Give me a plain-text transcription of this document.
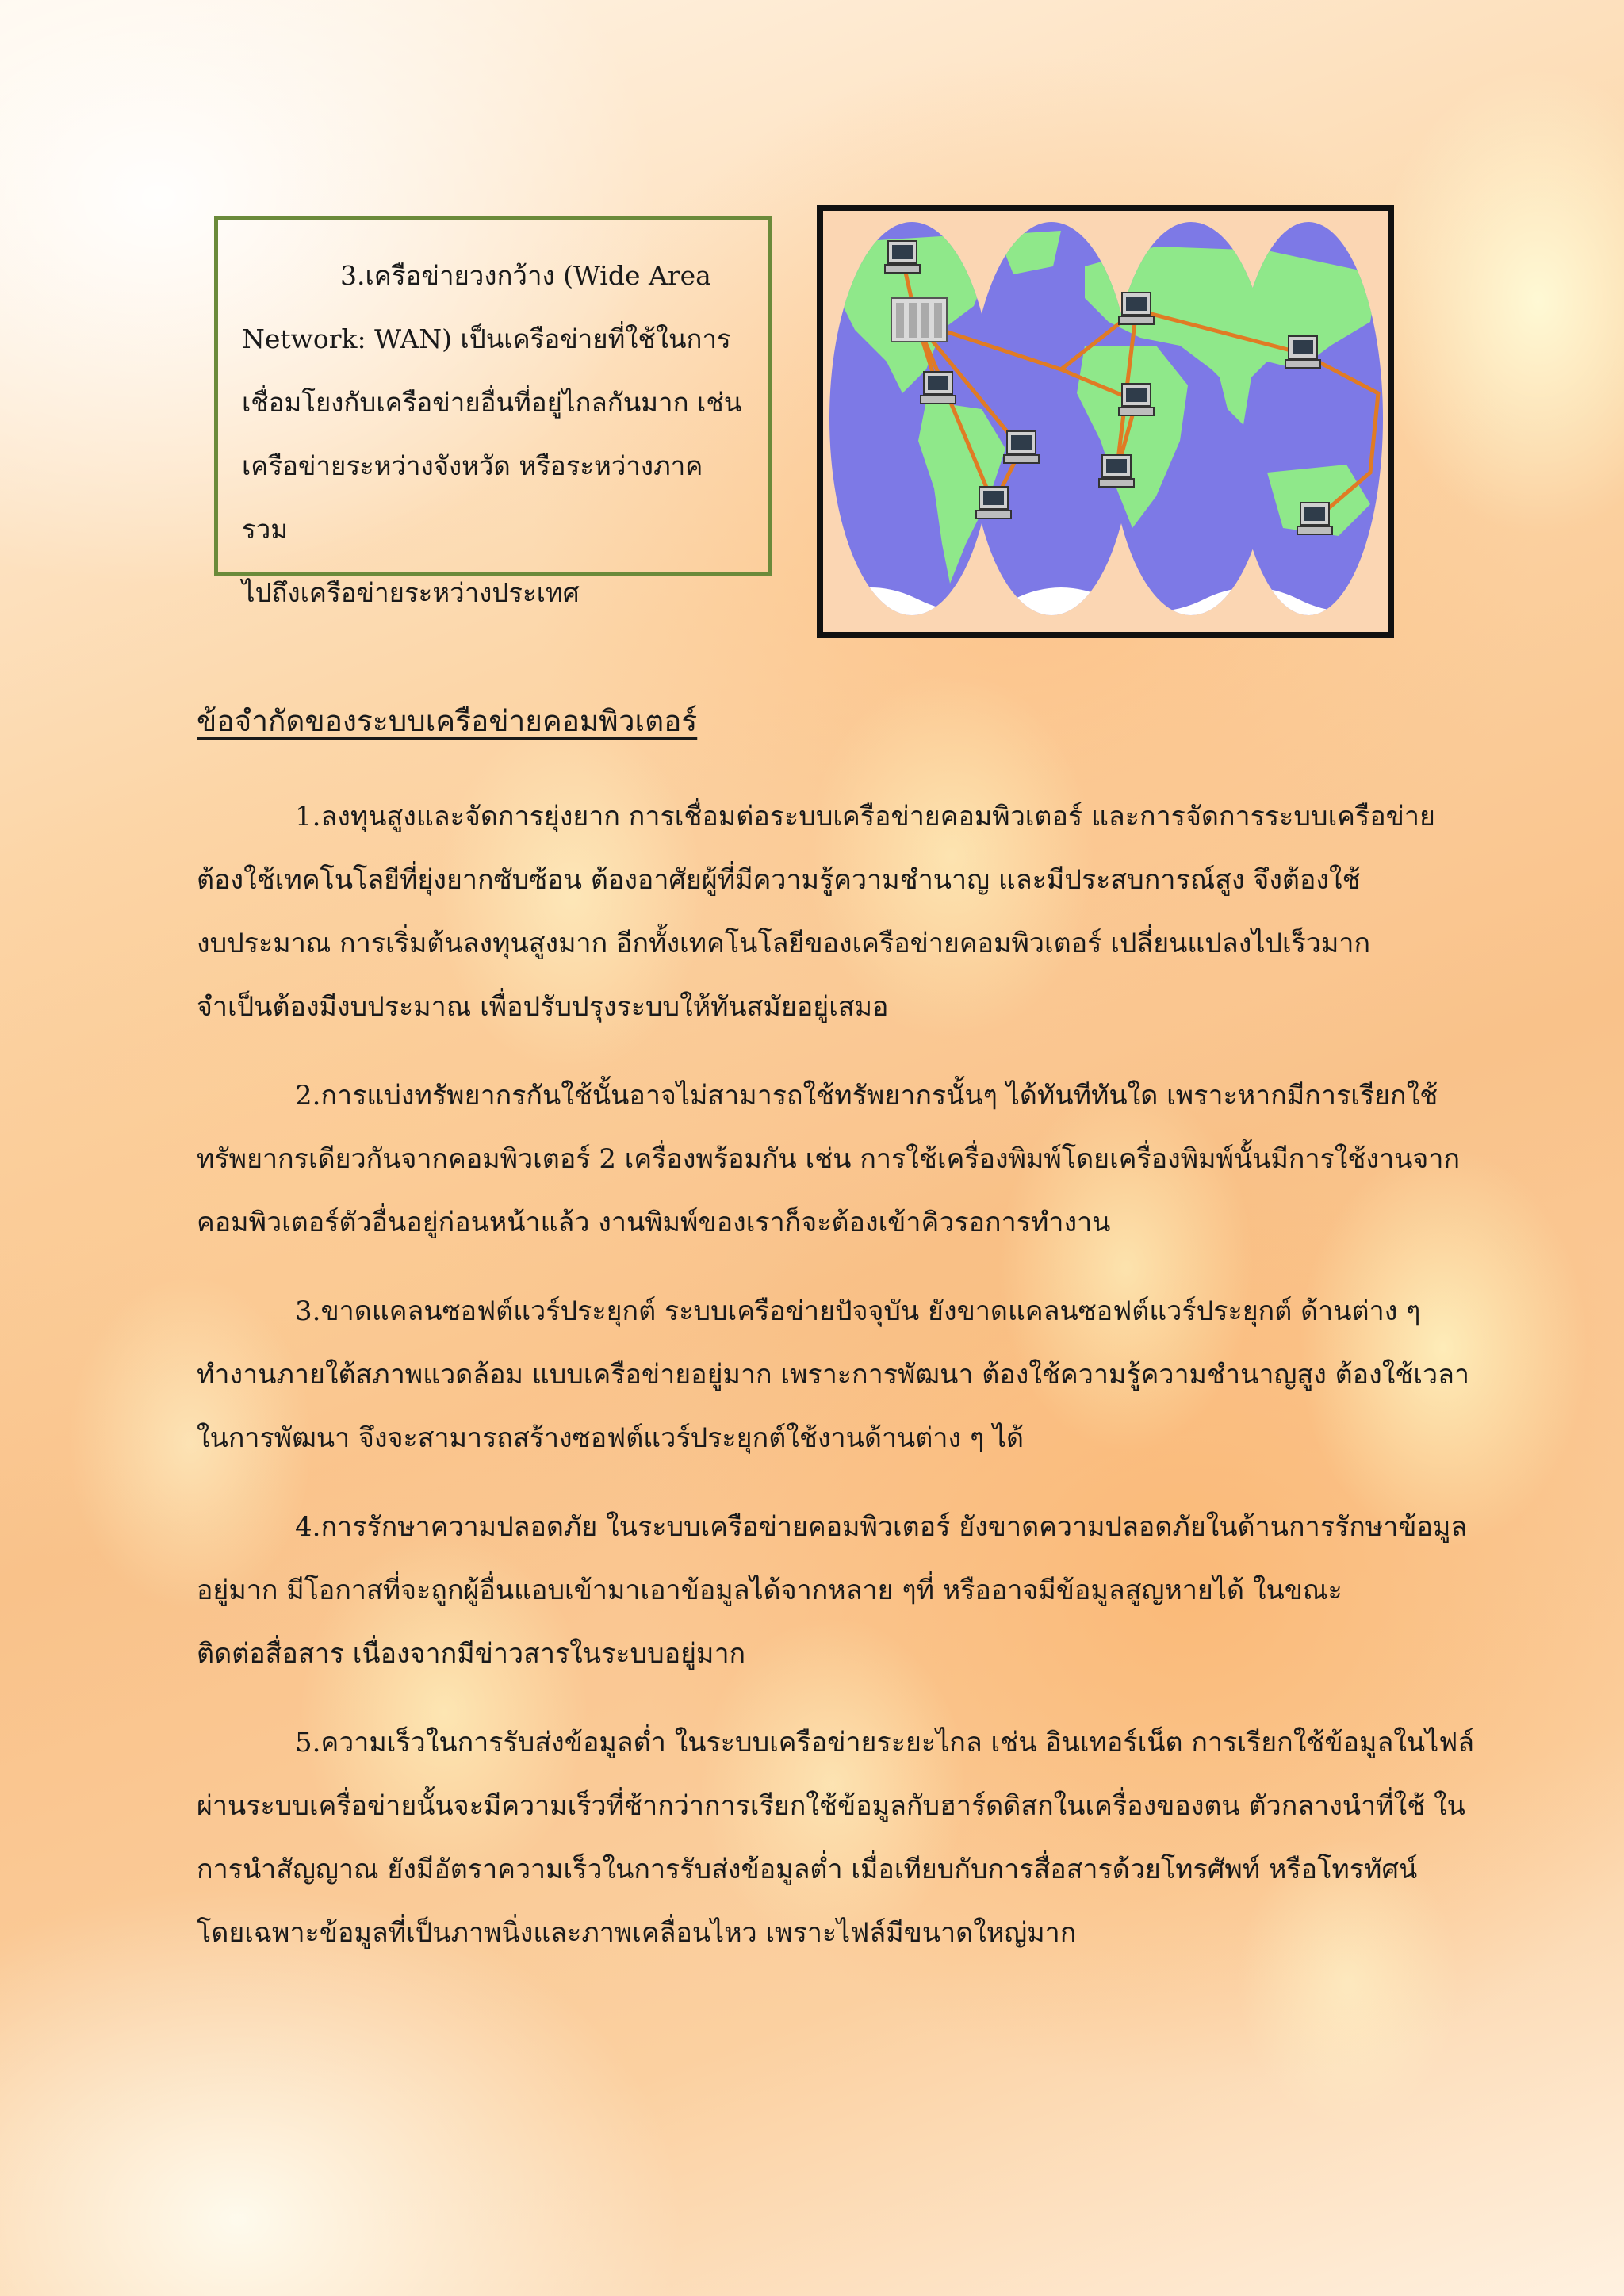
3.เครือข่ายวงกว้าง (Wide Area

Network: WAN) เป็นเครือข่ายที่ใช้ในการ

เชื่อมโยงกับเครือข่ายอื่นที่อยู่ไกลกันมาก เช่น

เครือข่ายระหว่างจังหวัด หรือระหว่างภาครวม

ไปถึงเครือข่ายระหว่างประเทศ

ข้อจำกัดของระบบเครือข่ายคอมพิวเตอร์

1.ลงทุนสูงและจัดการยุ่งยาก การเชื่อมต่อระบบเครือข่ายคอมพิวเตอร์ และการจัดการระบบเครือข่าย
ต้องใช้เทคโนโลยีที่ยุ่งยากซับซ้อน ต้องอาศัยผู้ที่มีความรู้ความชำนาญ และมีประสบการณ์สูง จึงต้องใช้
งบประมาณ การเริ่มต้นลงทุนสูงมาก อีกทั้งเทคโนโลยีของเครือข่ายคอมพิวเตอร์ เปลี่ยนแปลงไปเร็วมาก
จำเป็นต้องมีงบประมาณ เพื่อปรับปรุงระบบให้ทันสมัยอยู่เสมอ

2.การแบ่งทรัพยากรกันใช้นั้นอาจไม่สามารถใช้ทรัพยากรนั้นๆ ได้ทันทีทันใด เพราะหากมีการเรียกใช้
ทรัพยากรเดียวกันจากคอมพิวเตอร์ 2 เครื่องพร้อมกัน เช่น การใช้เครื่องพิมพ์โดยเครื่องพิมพ์นั้นมีการใช้งานจาก
คอมพิวเตอร์ตัวอื่นอยู่ก่อนหน้าแล้ว งานพิมพ์ของเราก็จะต้องเข้าคิวรอการทำงาน

3.ขาดแคลนซอฟต์แวร์ประยุกต์ ระบบเครือข่ายปัจจุบัน ยังขาดแคลนซอฟต์แวร์ประยุกต์ ด้านต่าง ๆ
ทำงานภายใต้สภาพแวดล้อม แบบเครือข่ายอยู่มาก เพราะการพัฒนา ต้องใช้ความรู้ความชำนาญสูง ต้องใช้เวลา
ในการพัฒนา จึงจะสามารถสร้างซอฟต์แวร์ประยุกต์ใช้งานด้านต่าง ๆ ได้

4.การรักษาความปลอดภัย ในระบบเครือข่ายคอมพิวเตอร์ ยังขาดความปลอดภัยในด้านการรักษาข้อมูล
อยู่มาก มีโอกาสที่จะถูกผู้อื่นแอบเข้ามาเอาข้อมูลได้จากหลาย ๆที่ หรืออาจมีข้อมูลสูญหายได้ ในขณะ
ติดต่อสื่อสาร เนื่องจากมีข่าวสารในระบบอยู่มาก

5.ความเร็วในการรับส่งข้อมูลต่ำ ในระบบเครือข่ายระยะไกล เช่น อินเทอร์เน็ต การเรียกใช้ข้อมูลในไฟล์
ผ่านระบบเครื่อข่ายนั้นจะมีความเร็วที่ช้ากว่าการเรียกใช้ข้อมูลกับฮาร์ดดิสกในเครื่องของตน ตัวกลางนำที่ใช้ ใน
การนำสัญญาณ ยังมีอัตราความเร็วในการรับส่งข้อมูลต่ำ เมื่อเทียบกับการสื่อสารด้วยโทรศัพท์ หรือโทรทัศน์
โดยเฉพาะข้อมูลที่เป็นภาพนิ่งและภาพเคลื่อนไหว เพราะไฟล์มีขนาดใหญ่มาก
